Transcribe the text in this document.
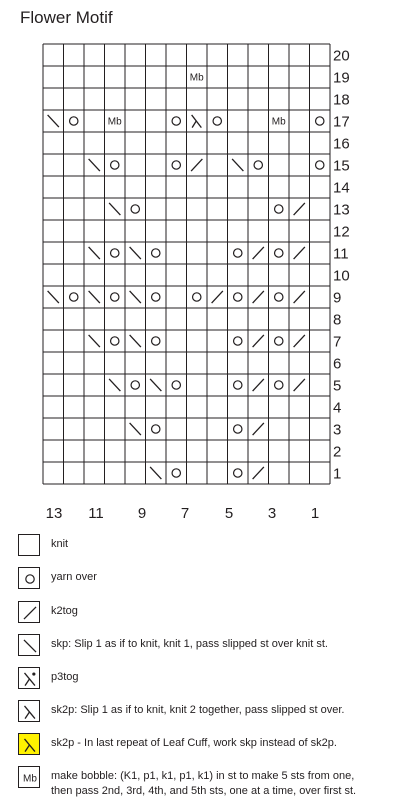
Flower Motif
Mb
Mb	Mb
20
19
18
17
16
15
14
13
12
11
10
9
8
7
6
5
4
3
2
1
13 11 9 7 5 3 1
knit
yarn over
k2tog
skp: Slip 1 as if to knit, knit 1, pass slipped st over knit st.
p3tog
sk2p: Slip 1 as if to knit, knit 2 together, pass slipped st over.
sk2p - In last repeat of Leaf Cuff, work skp instead of sk2p.
Mb make bobble: (K1, p1, k1, p1, k1) in st to make 5 sts from one,
then pass 2nd, 3rd, 4th, and 5th sts, one at a time, over first st.
